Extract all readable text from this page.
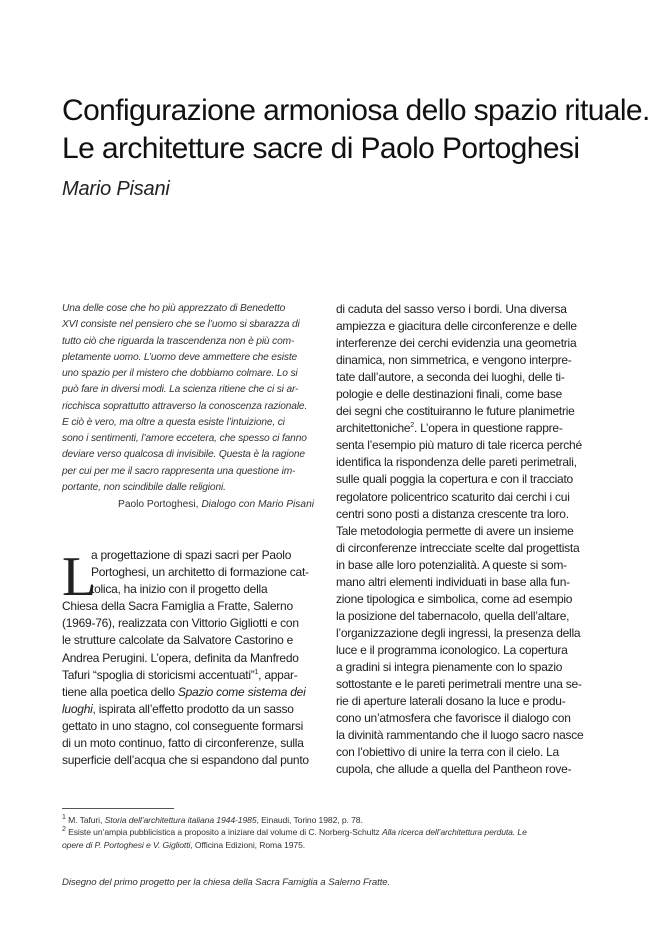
Configurazione armoniosa dello spazio rituale.
Le architetture sacre di Paolo Portoghesi
Mario Pisani
Una delle cose che ho più apprezzato di Benedetto
XVI consiste nel pensiero che se l’uomo si sbarazza di
tutto ciò che riguarda la trascendenza non è più com-
pletamente uomo. L’uomo deve ammettere che esiste
uno spazio per il mistero che dobbiamo colmare. Lo si
può fare in diversi modi. La scienza ritiene che ci si ar-
ricchisca soprattutto attraverso la conoscenza razionale.
E ciò è vero, ma oltre a questa esiste l’intuizione, ci
sono i sentimenti, l’amore eccetera, che spesso ci fanno
deviare verso qualcosa di invisibile. Questa è la ragione
per cui per me il sacro rappresenta una questione im-
portante, non scindibile dalle religioni.
Paolo Portoghesi, Dialogo con Mario Pisani
L
a progettazione di spazi sacri per Paolo
Portoghesi, un architetto di formazione cat-
tolica, ha inizio con il progetto della
Chiesa della Sacra Famiglia a Fratte, Salerno
(1969-76), realizzata con Vittorio Gigliotti e con
le strutture calcolate da Salvatore Castorino e
Andrea Perugini. L’opera, definita da Manfredo
Tafuri “spoglia di storicismi accentuati”$^1$, appar-
tiene alla poetica dello Spazio come sistema dei
luoghi, ispirata all’effetto prodotto da un sasso
gettato in uno stagno, col conseguente formarsi
di un moto continuo, fatto di circonferenze, sulla
superficie dell’acqua che si espandono dal punto
di caduta del sasso verso i bordi. Una diversa
ampiezza e giacitura delle circonferenze e delle
interferenze dei cerchi evidenzia una geometria
dinamica, non simmetrica, e vengono interpre-
tate dall’autore, a seconda dei luoghi, delle ti-
pologie e delle destinazioni finali, come base
dei segni che costituiranno le future planimetrie
architettoniche$^2$. L’opera in questione rappre-
senta l’esempio più maturo di tale ricerca perché
identifica la rispondenza delle pareti perimetrali,
sulle quali poggia la copertura e con il tracciato
regolatore policentrico scaturito dai cerchi i cui
centri sono posti a distanza crescente tra loro.
Tale metodologia permette di avere un insieme
di circonferenze intrecciate scelte dal progettista
in base alle loro potenzialità. A queste si som-
mano altri elementi individuati in base alla fun-
zione tipologica e simbolica, come ad esempio
la posizione del tabernacolo, quella dell’altare,
l’organizzazione degli ingressi, la presenza della
luce e il programma iconologico. La copertura
a gradini si integra pienamente con lo spazio
sottostante e le pareti perimetrali mentre una se-
rie di aperture laterali dosano la luce e produ-
cono un’atmosfera che favorisce il dialogo con
la divinità rammentando che il luogo sacro nasce
con l’obiettivo di unire la terra con il cielo. La
cupola, che allude a quella del Pantheon rove-
$^1$ M. Tafuri, Storia dell’architettura italiana 1944-1985, Einaudi, Torino 1982, p. 78.
$^2$ Esiste un’ampia pubblicistica a proposito a iniziare dal volume di C. Norberg-Schultz Alla ricerca dell’architettura perduta. Le
opere di P. Portoghesi e V. Gigliotti, Officina Edizioni, Roma 1975.
Disegno del primo progetto per la chiesa della Sacra Famiglia a Salerno Fratte.
